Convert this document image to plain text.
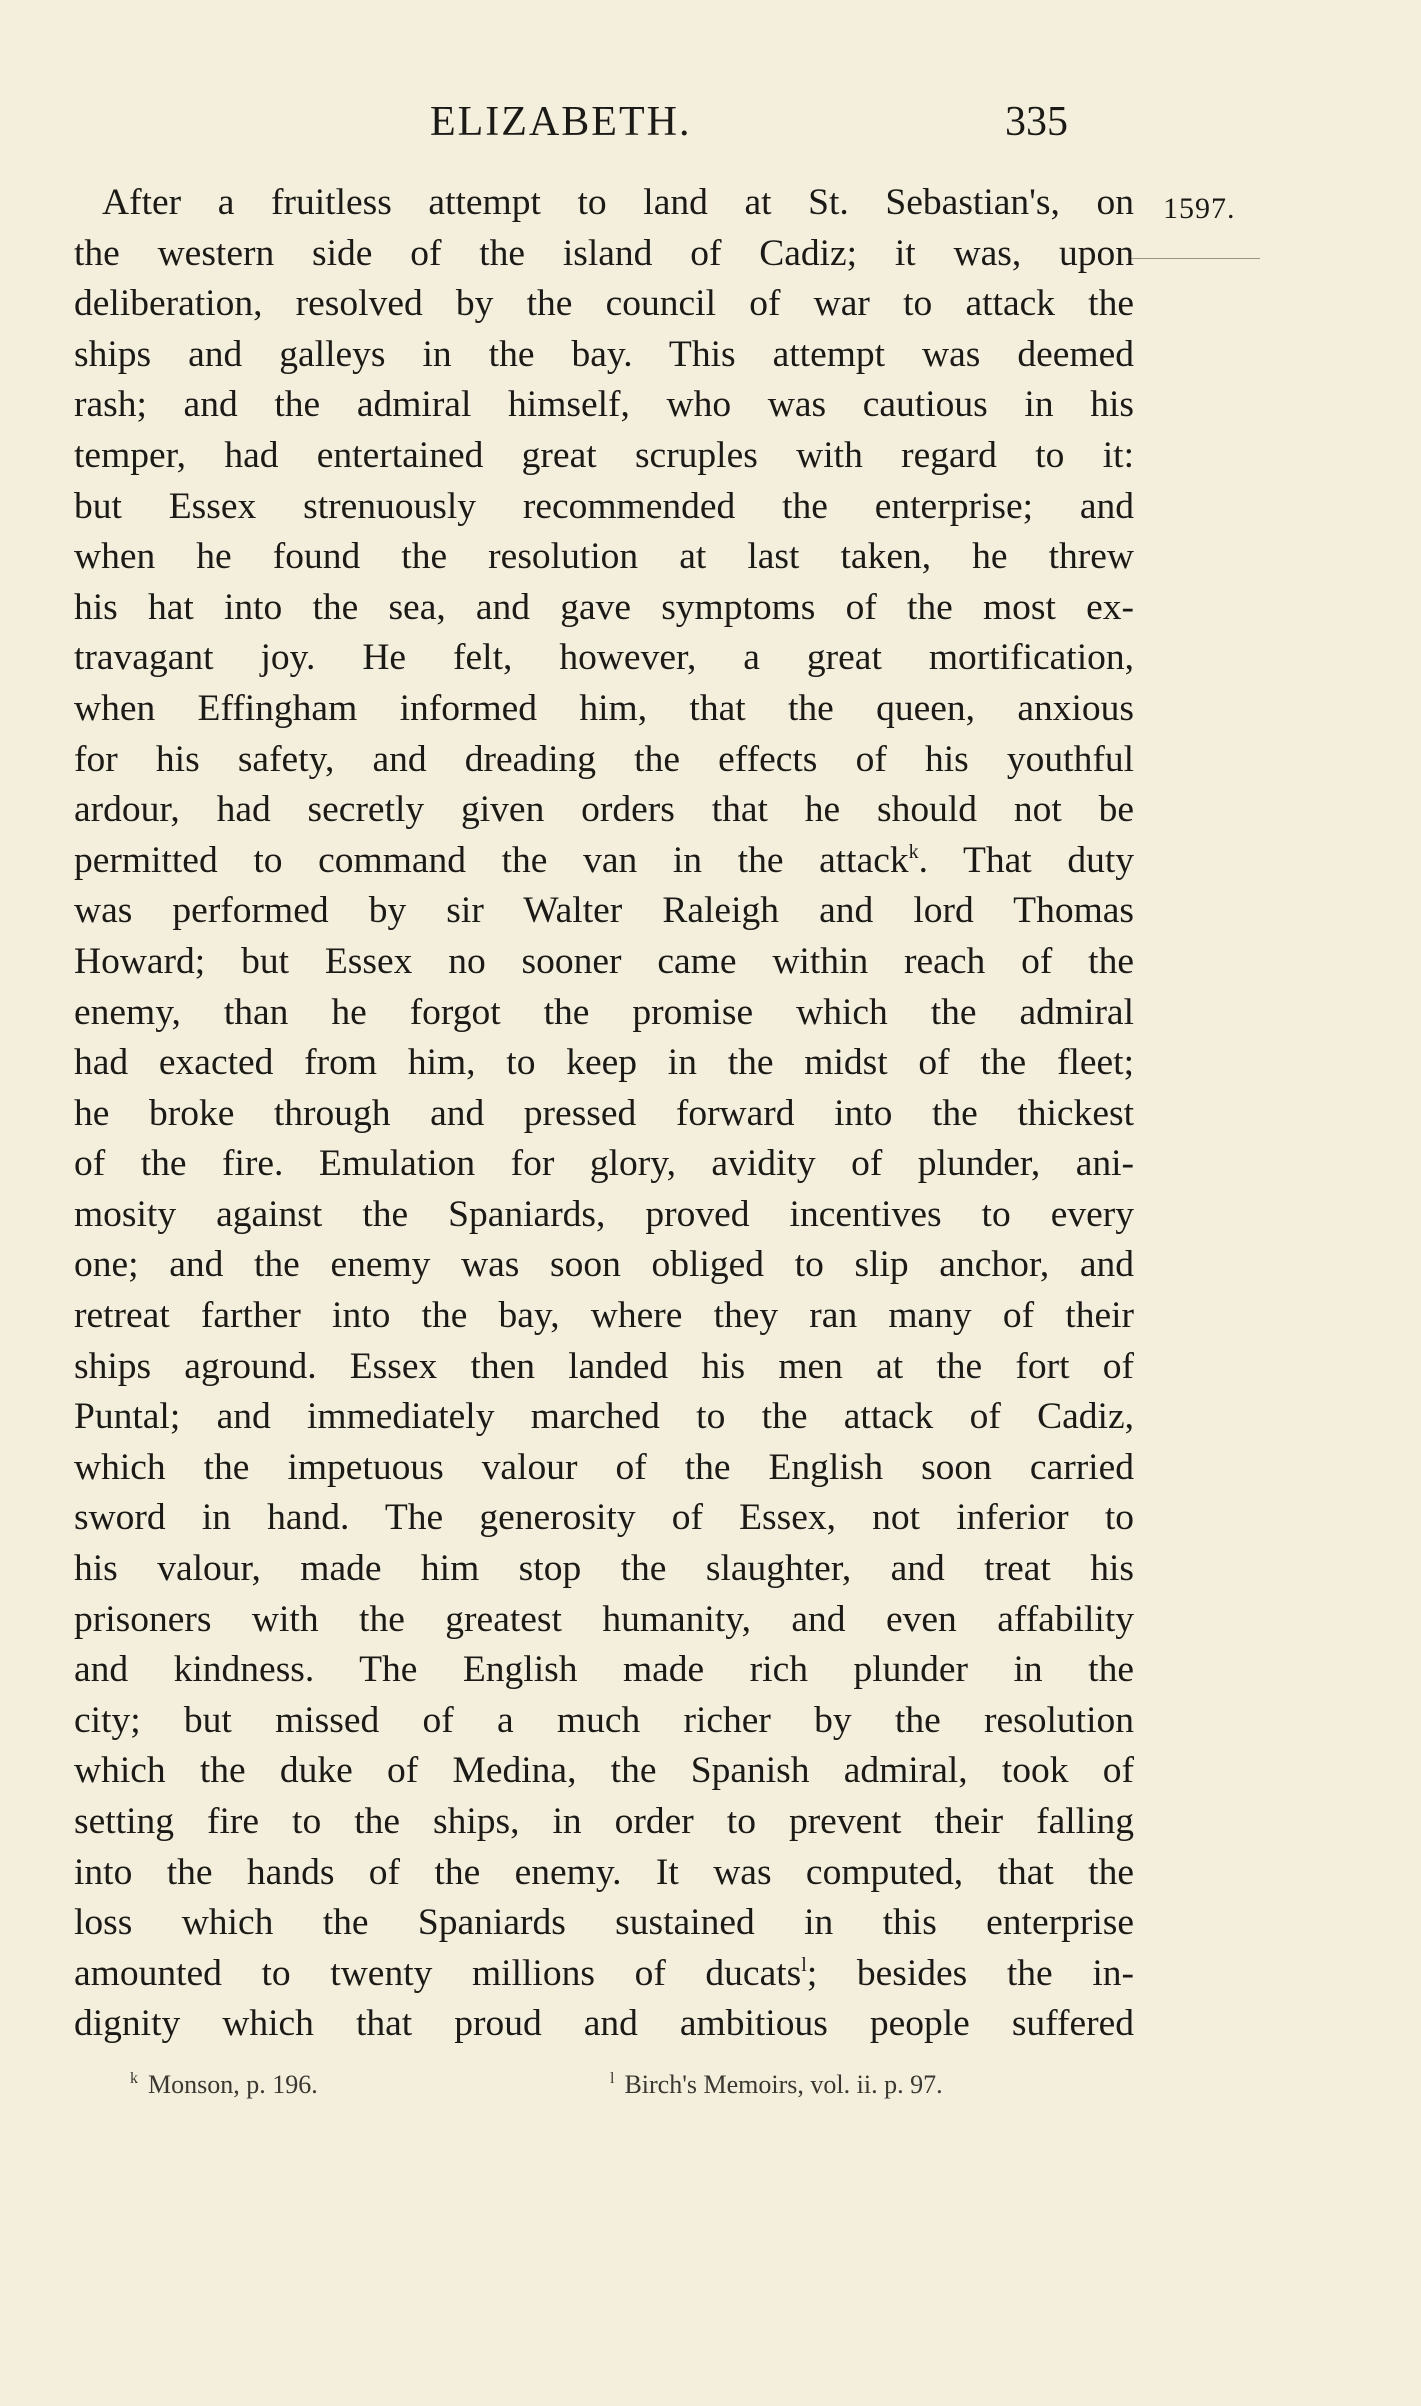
ELIZABETH.	335
1597.
After a fruitless attempt to land at St. Sebastian's, on
the western side of the island of Cadiz; it was, upon
deliberation, resolved by the council of war to attack the
ships and galleys in the bay. This attempt was deemed
rash; and the admiral himself, who was cautious in his
temper, had entertained great scruples with regard to it:
but Essex strenuously recommended the enterprise; and
when he found the resolution at last taken, he threw
his hat into the sea, and gave symptoms of the most ex-
travagant joy. He felt, however, a great mortification,
when Effingham informed him, that the queen, anxious
for his safety, and dreading the effects of his youthful
ardour, had secretly given orders that he should not be
permitted to command the van in the attack$^k$. That duty
was performed by sir Walter Raleigh and lord Thomas
Howard; but Essex no sooner came within reach of the
enemy, than he forgot the promise which the admiral
had exacted from him, to keep in the midst of the fleet;
he broke through and pressed forward into the thickest
of the fire. Emulation for glory, avidity of plunder, ani-
mosity against the Spaniards, proved incentives to every
one; and the enemy was soon obliged to slip anchor, and
retreat farther into the bay, where they ran many of their
ships aground. Essex then landed his men at the fort of
Puntal; and immediately marched to the attack of Cadiz,
which the impetuous valour of the English soon carried
sword in hand. The generosity of Essex, not inferior to
his valour, made him stop the slaughter, and treat his
prisoners with the greatest humanity, and even affability
and kindness. The English made rich plunder in the
city; but missed of a much richer by the resolution
which the duke of Medina, the Spanish admiral, took of
setting fire to the ships, in order to prevent their falling
into the hands of the enemy. It was computed, that the
loss which the Spaniards sustained in this enterprise
amounted to twenty millions of ducats$^l$; besides the in-
dignity which that proud and ambitious people suffered
$^k$ Monson, p. 196.	$^l$ Birch's Memoirs, vol. ii. p. 97.
